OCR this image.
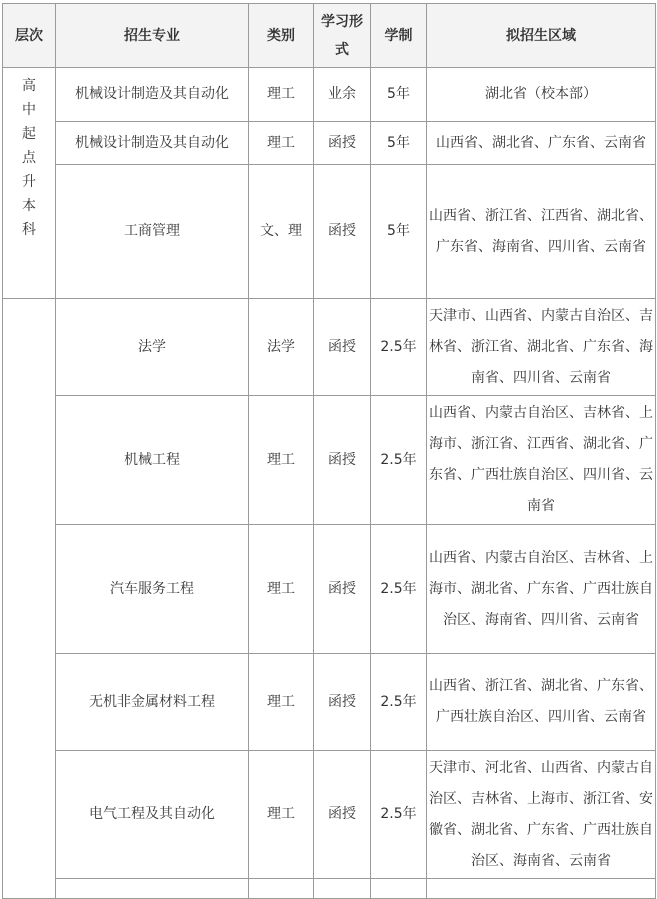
层次	招生专业	类别	学习形式	学制	拟招生区域

高中起点升本科	机械设计制造及其自动化	理工	业余	5年	湖北省（校本部）
	机械设计制造及其自动化	理工	函授	5年	山西省、湖北省、广东省、云南省
	工商管理	文、理	函授	5年	山西省、浙江省、江西省、湖北省、广东省、海南省、四川省、云南省

	法学	法学	函授	2.5年	天津市、山西省、内蒙古自治区、吉林省、浙江省、湖北省、广东省、海南省、四川省、云南省
	机械工程	理工	函授	2.5年	山西省、内蒙古自治区、吉林省、上海市、浙江省、江西省、湖北省、广东省、广西壮族自治区、四川省、云南省
	汽车服务工程	理工	函授	2.5年	山西省、内蒙古自治区、吉林省、上海市、湖北省、广东省、广西壮族自治区、海南省、四川省、云南省
	无机非金属材料工程	理工	函授	2.5年	山西省、浙江省、湖北省、广东省、广西壮族自治区、四川省、云南省
	电气工程及其自动化	理工	函授	2.5年	天津市、河北省、山西省、内蒙古自治区、吉林省、上海市、浙江省、安徽省、湖北省、广东省、广西壮族自治区、海南省、云南省
